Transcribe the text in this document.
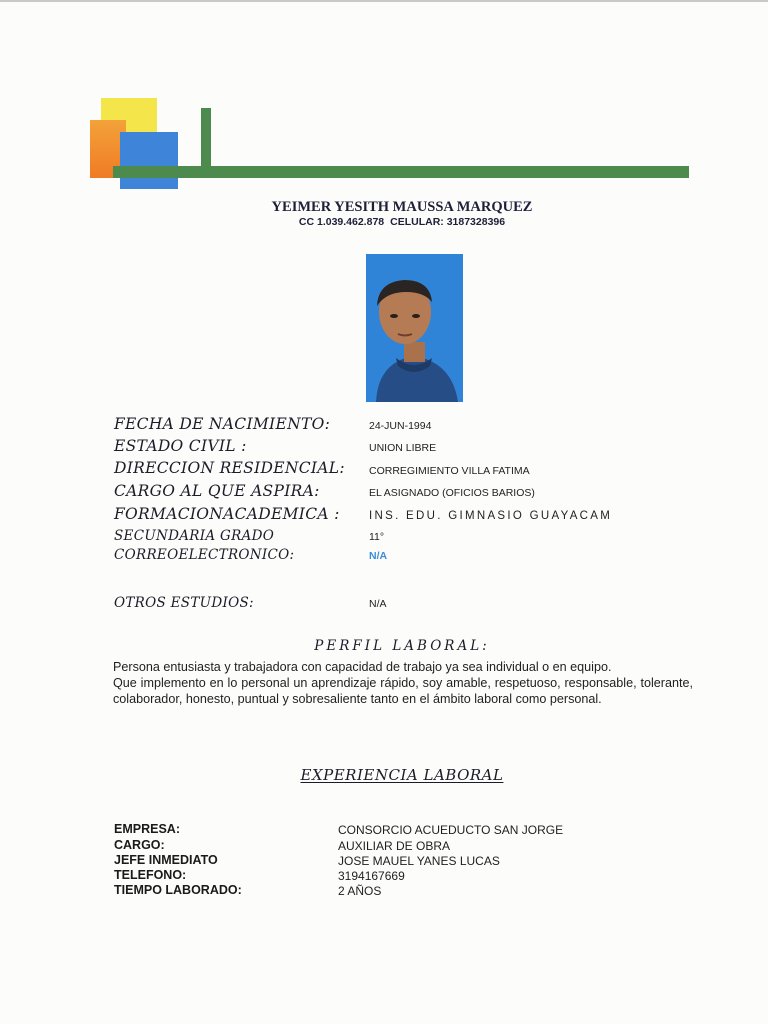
YEIMER YESITH MAUSSA MARQUEZ
CC 1.039.462.878 CELULAR: 3187328396
FECHA DE NACIMIENTO:	24-JUN-1994
ESTADO CIVIL :	UNION LIBRE
DIRECCION RESIDENCIAL: CORREGIMIENTO VILLA FATIMA
CARGO AL QUE ASPIRA:	EL ASIGNADO (OFICIOS BARIOS)
FORMACIONACADEMICA :	INS. EDU. GIMNASIO GUAYACAM
SECUNDARIA GRADO	11°
CORREOELECTRONICO:	N/A
OTROS ESTUDIOS:	N/A
PERFIL LABORAL:

Persona entusiasta y trabajadora con capacidad de trabajo ya sea individual o en equipo.

Que implemento en lo personal un aprendizaje rápido, soy amable, respetuoso, responsable, tolerante, colaborador, honesto, puntual y sobresaliente tanto en el ámbito laboral como personal.

EXPERIENCIA LABORAL
EMPRESA:	CONSORCIO ACUEDUCTO SAN JORGE
CARGO:	AUXILIAR DE OBRA
JEFE INMEDIATO	JOSE MAUEL YANES LUCAS
TELEFONO:	3194167669
TIEMPO LABORADO:	2 AÑOS
